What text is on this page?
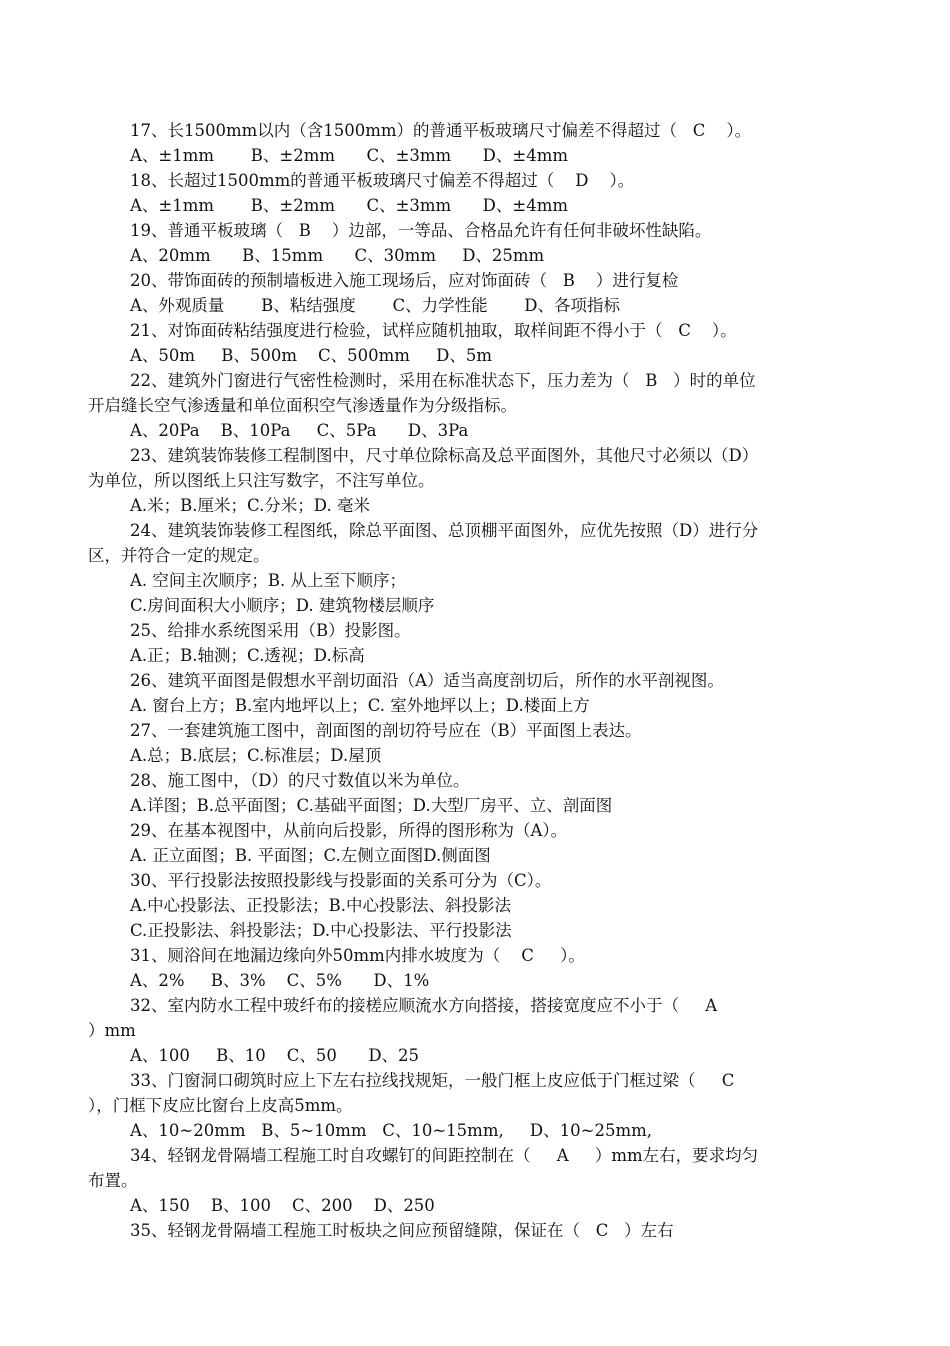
17、长1500mm以内（含1500mm）的普通平板玻璃尺寸偏差不得超过（   C    ）。
A、±1mm       B、±2mm      C、±3mm      D、±4mm
18、长超过1500mm的普通平板玻璃尺寸偏差不得超过（    D    ）。
A、±1mm       B、±2mm      C、±3mm      D、±4mm
19、普通平板玻璃（   B    ）边部，一等品、合格品允许有任何非破坏性缺陷。
A、20mm      B、15mm      C、30mm     D、25mm
20、带饰面砖的预制墙板进入施工现场后，应对饰面砖（   B    ）进行复检
A、外观质量       B、粘结强度       C、力学性能       D、各项指标
21、对饰面砖粘结强度进行检验，试样应随机抽取，取样间距不得小于（   C    ）。
A、50m     B、500m    C、500mm     D、5m
22、建筑外门窗进行气密性检测时，采用在标准状态下，压力差为（   B   ）时的单位
开启缝长空气渗透量和单位面积空气渗透量作为分级指标。
A、20Pa    B、10Pa     C、5Pa      D、3Pa
23、建筑装饰装修工程制图中，尺寸单位除标高及总平面图外，其他尺寸必须以（D）
为单位，所以图纸上只注写数字，不注写单位。
A.米；B.厘米；C.分米；D. 毫米
24、建筑装饰装修工程图纸，除总平面图、总顶棚平面图外，应优先按照（D）进行分
区，并符合一定的规定。
A. 空间主次顺序；B. 从上至下顺序；
C.房间面积大小顺序；D. 建筑物楼层顺序
25、给排水系统图采用（B）投影图。
A.正；B.轴测；C.透视；D.标高
26、建筑平面图是假想水平剖切面沿（A）适当高度剖切后，所作的水平剖视图。
A. 窗台上方；B.室内地坪以上；C. 室外地坪以上；D.楼面上方
27、一套建筑施工图中，剖面图的剖切符号应在（B）平面图上表达。
A.总；B.底层；C.标准层；D.屋顶
28、施工图中，（D）的尺寸数值以米为单位。
A.详图；B.总平面图；C.基础平面图；D.大型厂房平、立、剖面图
29、在基本视图中，从前向后投影，所得的图形称为（A）。
A. 正立面图；B. 平面图；C.左侧立面图D.侧面图
30、平行投影法按照投影线与投影面的关系可分为（C）。
A.中心投影法、正投影法；B.中心投影法、斜投影法
C.正投影法、斜投影法；D.中心投影法、平行投影法
31、厕浴间在地漏边缘向外50mm内排水坡度为（    C     ）。
A、2%     B、3%    C、5%      D、1%
32、室内防水工程中玻纤布的接槎应顺流水方向搭接，搭接宽度应不小于（     A
）mm
A、100     B、10    C、50      D、25
33、门窗洞口砌筑时应上下左右拉线找规矩，一般门框上皮应低于门框过梁（     C
），门框下皮应比窗台上皮高5mm。
A、10~20mm   B、5~10mm   C、10~15mm,     D、10~25mm,
34、轻钢龙骨隔墙工程施工时自攻螺钉的间距控制在（     A     ）mm左右，要求均匀
布置。
A、150    B、100    C、200    D、250
35、轻钢龙骨隔墙工程施工时板块之间应预留缝隙，保证在（   C   ）左右
